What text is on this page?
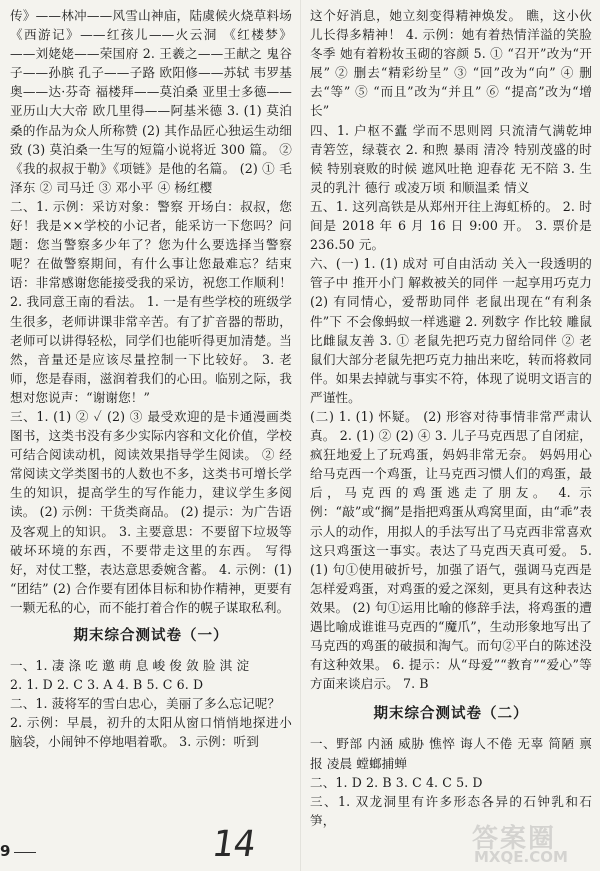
传》——林冲——风雪山神庙，陆虞候火烧草料场 《西游记》——红孩儿——火云洞 《红楼梦》——刘姥姥——荣国府 2. 王羲之——王献之 鬼谷子——孙膑 孔子——子路 欧阳修——苏轼 韦罗基奥——达·芬奇 福楼拜——莫泊桑 亚里士多德——亚历山大大帝 欧几里得——阿基米德 3. (1) 莫泊桑的作品为众人所称赞 (2) 其作品匠心独运生动细致 (3) 莫泊桑一生写的短篇小说将近 300 篇。 ② 《我的叔叔于勒》《项链》是他的名篇。 (2) ① 毛泽东 ② 司马迁 ③ 邓小平 ④ 杨红樱

二、1. 示例：采访对象：警察 开场白：叔叔，您好！我是××学校的小记者，能采访一下您吗？问题：您当警察多少年了？您为什么要选择当警察呢？在做警察期间，有什么事让您最难忘？结束语：非常感谢您能接受我的采访，祝您工作顺利！ 2. 我同意王南的看法。 1. 一是有些学校的班级学生很多，老师讲课非常辛苦。有了扩音器的帮助，老师可以讲得轻松，同学们也能听得更加清楚。当然，音量还是应该尽量控制一下比较好。 3. 老师，您是春雨，滋润着我们的心田。临别之际，我想对您说声：“谢谢您！”

三、1. (1) ② ✓ (2) ③ 最受欢迎的是卡通漫画类图书，这类书没有多少实际内容和文化价值，学校可结合阅读动机，阅读效果指导学生阅读。 ② 经常阅读文学类图书的人数也不多，这类书可增长学生的知识，提高学生的写作能力，建议学生多阅读。 (2) 示例：干货类商品。 (2) 提示：为广告语及客观上的知识。 3. 主要意思：不要留下垃圾等破坏环境的东西，不要带走这里的东西。 写得好，对仗工整，表达意思委婉含蓄。 4. 示例：(1) “团结” (2) 合作要有团体目标和协作精神，更要有一颗无私的心，而不能打着合作的幌子谋取私利。

期末综合测试卷（一）

一、1. 凄 涤 吃 邀 萌 息 峻 俊 敛 脸 淇 淀

2. 1. D 2. C 3. A 4. B 5. C 6. D

二、1. 菠将军的雪白忠心，美丽了多么忘记呢？

2. 示例：早晨，初升的太阳从窗口悄悄地探进小脑袋，小闹钟不停地唱着歌。 3. 示例：听到

这个好消息，她立刻变得精神焕发。 瞧，这小伙儿长得多精神！ 4. 示例：她有着热情洋溢的笑脸 冬季 她有着粉妆玉砌的容颜 5. ① “召开”改为“开展” ② 删去“精彩纷呈” ③ “回”改为“向” ④ 删去“等” ⑤ “而且”改为“并且” ⑥ “提高”改为“增长”

四、1. 户枢不蠹 学而不思则罔 只流清气满乾坤 青箬笠，绿蓑衣 2. 和煦 暴雨 清冷 特别茂盛的时候 特别衰败的时候 遮风吐艳 迎春花 无不陪 3. 生灵的乳汁 德行 或凌万顷 和顺温柔 情义

五、1. 这列高铁是从郑州开往上海虹桥的。 2. 时间是 2018 年 6 月 16 日 9:00 开。 3. 票价是 236.50 元。

六、(一) 1. (1) 成对 可自由活动 关入一段透明的管子中 推开小门 解救被关的同伴 一起享用巧克力 (2) 有同情心，爱帮助同伴 老鼠出现在“有利条件”下 不会像蚂蚁一样逃避 2. 列数字 作比较 雕鼠比雌鼠友善 3. ① 老鼠先把巧克力留给同伴 ② 老鼠们大部分老鼠先把巧克力抽出来吃，转而将救同伴。如果去掉就与事实不符，体现了说明文语言的严谨性。

(二) 1. (1) 怀疑。 (2) 形容对待事情非常严肃认真。 2. (1) ② (2) ④ 3. 儿子马克西思了自闭症，疯狂地爱上了玩鸡蛋，妈妈非常无奈。 妈妈用心给马克西一个鸡蛋，让马克西习惯人们的鸡蛋，最后，马克西的鸡蛋逃走了朋友。 4. 示例：“敲”或“搁”是指把鸡蛋从鸡窝里面，由“乖”表示人的动作，用拟人的手法写出了马克西非常喜欢这只鸡蛋这一事实。表达了马克西天真可爱。 5. (1) 句①使用破折号，加强了语气，强调马克西是怎样爱鸡蛋，对鸡蛋的爱之深刻，更具有这种表达效果。 (2) 句①运用比喻的修辞手法，将鸡蛋的遭遇比喻成谁谁马克西的“魔爪”，生动形象地写出了马克西的鸡蛋的破损和淘气。而句②平白的陈述没有这种效果。 6. 提示：从“母爱”“教育”“爱心”等方面来谈启示。 7. B

期末综合测试卷（二）

一、野部 内涵 威胁 憔悴 诲人不倦 无辜 简陋 禀报 凌晨 螳螂捕蝉

二、1. D 2. B 3. C 4. C 5. D

三、1. 双龙洞里有许多形态各异的石钟乳和石笋，

9	14	答案圈
MXQE.COM
